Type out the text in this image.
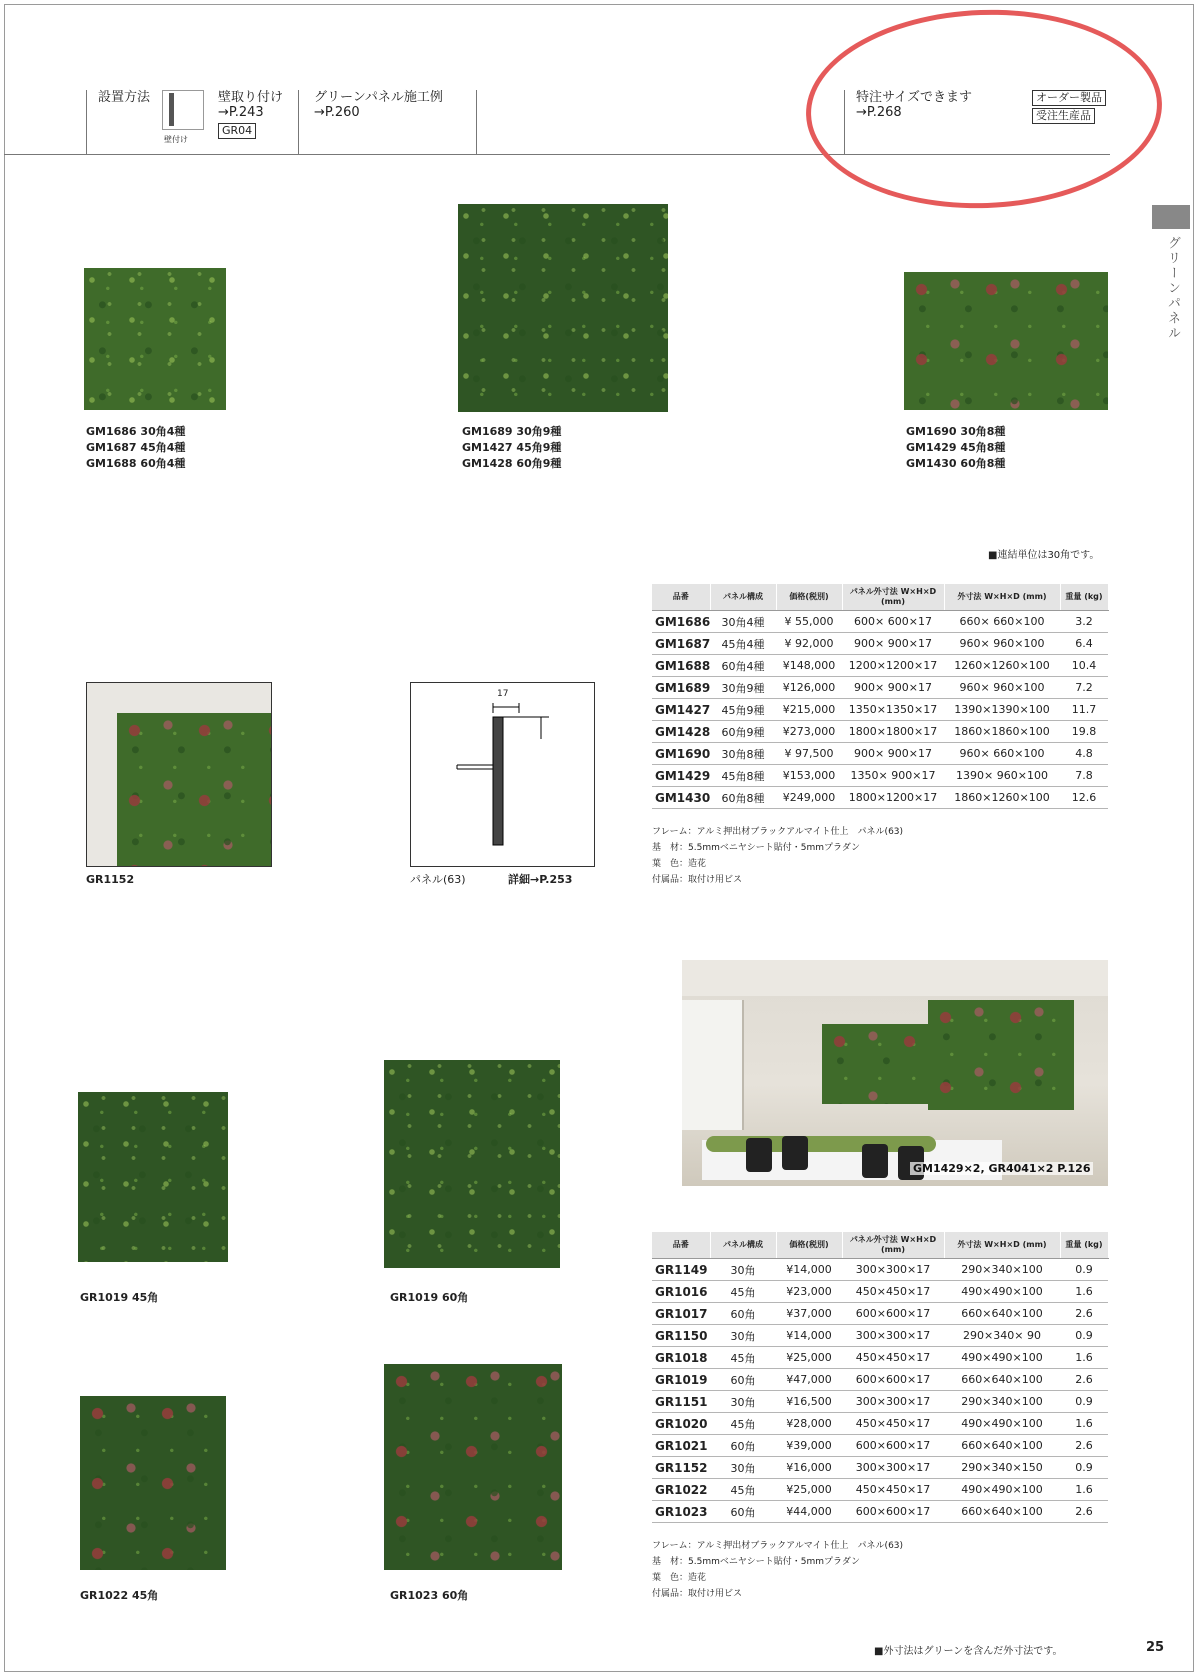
設置方法
壁付け
壁取り付け
→P.243
GR04
グリーンパネル施工例
→P.260
特注サイズできます
→P.268
オーダー製品
受注生産品
グリーンパネル
GM1686 30角4種
GM1687 45角4種
GM1688 60角4種
GM1689 30角9種
GM1427 45角9種
GM1428 60角9種
GM1690 30角8種
GM1429 45角8種
GM1430 60角8種
■連結単位は30角です。
品番	パネル構成	価格(税別)	パネル外寸法 W×H×D (mm)	外寸法 W×H×D (mm)	重量 (kg)
GM1686	30角4種	¥ 55,000	600× 600×17	660× 660×100	3.2
GM1687	45角4種	¥ 92,000	900× 900×17	960× 960×100	6.4
GM1688	60角4種	¥148,000	1200×1200×17	1260×1260×100	10.4
GM1689	30角9種	¥126,000	900× 900×17	960× 960×100	7.2
GM1427	45角9種	¥215,000	1350×1350×17	1390×1390×100	11.7
GM1428	60角9種	¥273,000	1800×1800×17	1860×1860×100	19.8
GM1690	30角8種	¥ 97,500	900× 900×17	960× 660×100	4.8
GM1429	45角8種	¥153,000	1350× 900×17	1390× 960×100	7.8
GM1430	60角8種	¥249,000	1800×1200×17	1860×1260×100	12.6
フレーム：アルミ押出材ブラックアルマイト仕上　パネル(63)
基　材：5.5mmベニヤシート貼付・5mmプラダン
葉　色：造花
付属品：取付け用ビス
GR1152
17
パネル(63)	詳細→P.253
GM1429×2, GR4041×2 P.126
GR1019 45角	GR1019 60角
GR1022 45角	GR1023 60角
品番	パネル構成	価格(税別)	パネル外寸法 W×H×D (mm)	外寸法 W×H×D (mm)	重量 (kg)
GR1149	30角	¥14,000	300×300×17	290×340×100	0.9
GR1016	45角	¥23,000	450×450×17	490×490×100	1.6
GR1017	60角	¥37,000	600×600×17	660×640×100	2.6
GR1150	30角	¥14,000	300×300×17	290×340× 90	0.9
GR1018	45角	¥25,000	450×450×17	490×490×100	1.6
GR1019	60角	¥47,000	600×600×17	660×640×100	2.6
GR1151	30角	¥16,500	300×300×17	290×340×100	0.9
GR1020	45角	¥28,000	450×450×17	490×490×100	1.6
GR1021	60角	¥39,000	600×600×17	660×640×100	2.6
GR1152	30角	¥16,000	300×300×17	290×340×150	0.9
GR1022	45角	¥25,000	450×450×17	490×490×100	1.6
GR1023	60角	¥44,000	600×600×17	660×640×100	2.6
フレーム：アルミ押出材ブラックアルマイト仕上　パネル(63)
基　材：5.5mmベニヤシート貼付・5mmプラダン
葉　色：造花
付属品：取付け用ビス
■外寸法はグリーンを含んだ外寸法です。	25
